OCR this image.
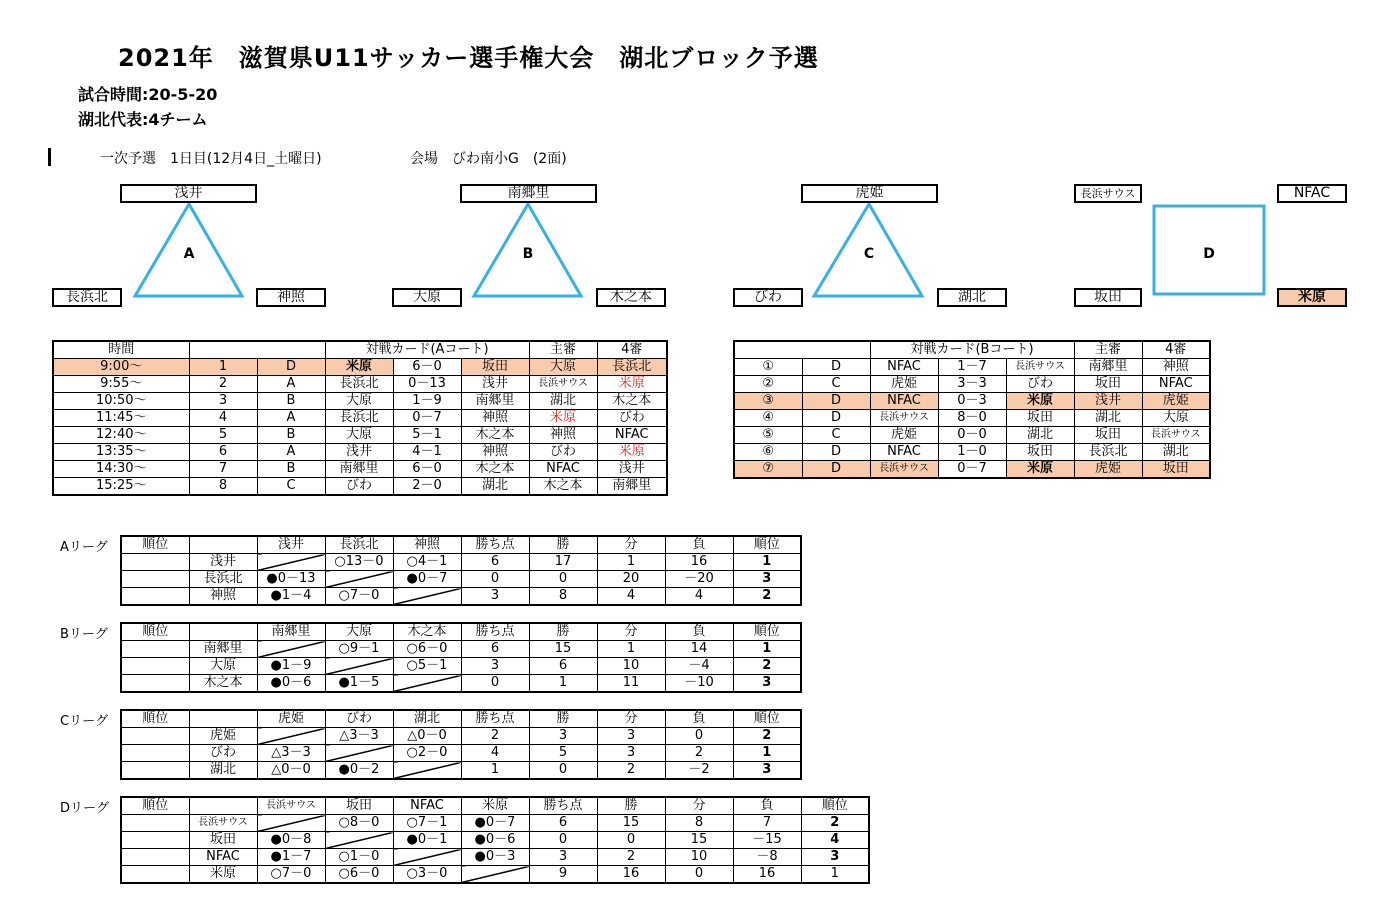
2021年　滋賀県U11サッカー選手権大会　湖北ブロック予選
試合時間:20-5-20
湖北代表:4チーム
一次予選　1日目(12月4日_土曜日)	会場　びわ南小G　(2面)
A	B	C	D
浅井
長浜北	神照
南郷里
大原	木之本
虎姫
びわ	湖北
長浜サウス	NFAC
坂田	米原
時間			対戦カード(Aコート)			主審	4審
9:00～	1	D	米原	6－0	坂田	大原	長浜北
9:55～	2	A	長浜北	0－13	浅井	長浜サウス	米原
10:50～	3	B	大原	1－9	南郷里	湖北	木之本
11:45～	4	A	長浜北	0－7	神照	米原	びわ
12:40～	5	B	大原	5－1	木之本	神照	NFAC
13:35～	6	A	浅井	4－1	神照	びわ	米原
14:30～	7	B	南郷里	6－0	木之本	NFAC	浅井
15:25～	8	C	びわ	2－0	湖北	木之本	南郷里
		対戦カード(Bコート)			主審	4審
①	D	NFAC	1－7	長浜サウス	南郷里	神照
②	C	虎姫	3－3	びわ	坂田	NFAC
③	D	NFAC	0－3	米原	浅井	虎姫
④	D	長浜サウス	8－0	坂田	湖北	大原
⑤	C	虎姫	0－0	湖北	坂田	長浜サウス
⑥	D	NFAC	1－0	坂田	長浜北	湖北
⑦	D	長浜サウス	0－7	米原	虎姫	坂田
Aリーグ	順位		浅井	長浜北	神照	勝ち点	勝	分	負	順位
	浅井		○13－0	○4－1	6	17	1	16	1
	長浜北	●0－13		●0－7	0	0	20	－20	3
	神照	●1－4	○7－0		3	8	4	4	2
Bリーグ	順位		南郷里	大原	木之本	勝ち点	勝	分	負	順位
	南郷里		○9－1	○6－0	6	15	1	14	1
	大原	●1－9		○5－1	3	6	10	－4	2
	木之本	●0－6	●1－5		0	1	11	－10	3
Cリーグ	順位		虎姫	びわ	湖北	勝ち点	勝	分	負	順位
	虎姫		△3－3	△0－0	2	3	3	0	2
	びわ	△3－3		○2－0	4	5	3	2	1
	湖北	△0－0	●0－2		1	0	2	－2	3
Dリーグ	順位		長浜サウス	坂田	NFAC	米原	勝ち点	勝	分	負	順位
	長浜サウス		○8－0	○7－1	●0－7	6	15	8	7	2
	坂田	●0－8		●0－1	●0－6	0	0	15	－15	4
	NFAC	●1－7	○1－0		●0－3	3	2	10	－8	3
	米原	○7－0	○6－0	○3－0		9	16	0	16	1
